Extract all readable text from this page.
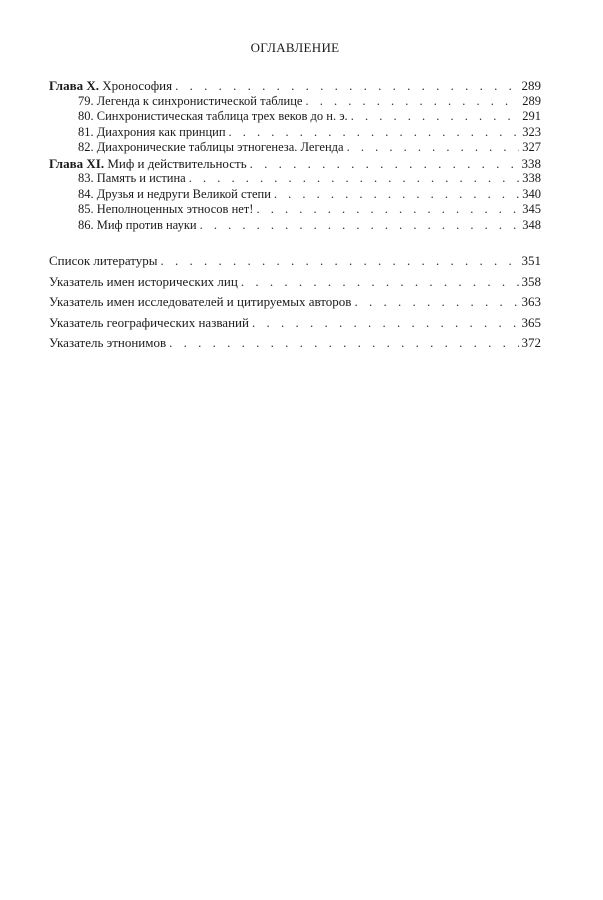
ОГЛАВЛЕНИЕ
Глава X. Хронософия . . .	289
79. Легенда к синхронистической таблице . . .	289
80. Синхронистическая таблица трех веков до н. э. . . .	291
81. Диахрония как принцип . . .	323
82. Диахронические таблицы этногенеза. Легенда . . .	327
Глава XI. Миф и действительность . . .	338
83. Память и истина . . .	338
84. Друзья и недруги Великой степи . . .	340
85. Неполноценных этносов нет! . . .	345
86. Миф против науки . . .	348
Список литературы . . .	351
Указатель имен исторических лиц . . .	358
Указатель имен исследователей и цитируемых авторов . . .	363
Указатель географических названий . . .	365
Указатель этнонимов . . .	372
